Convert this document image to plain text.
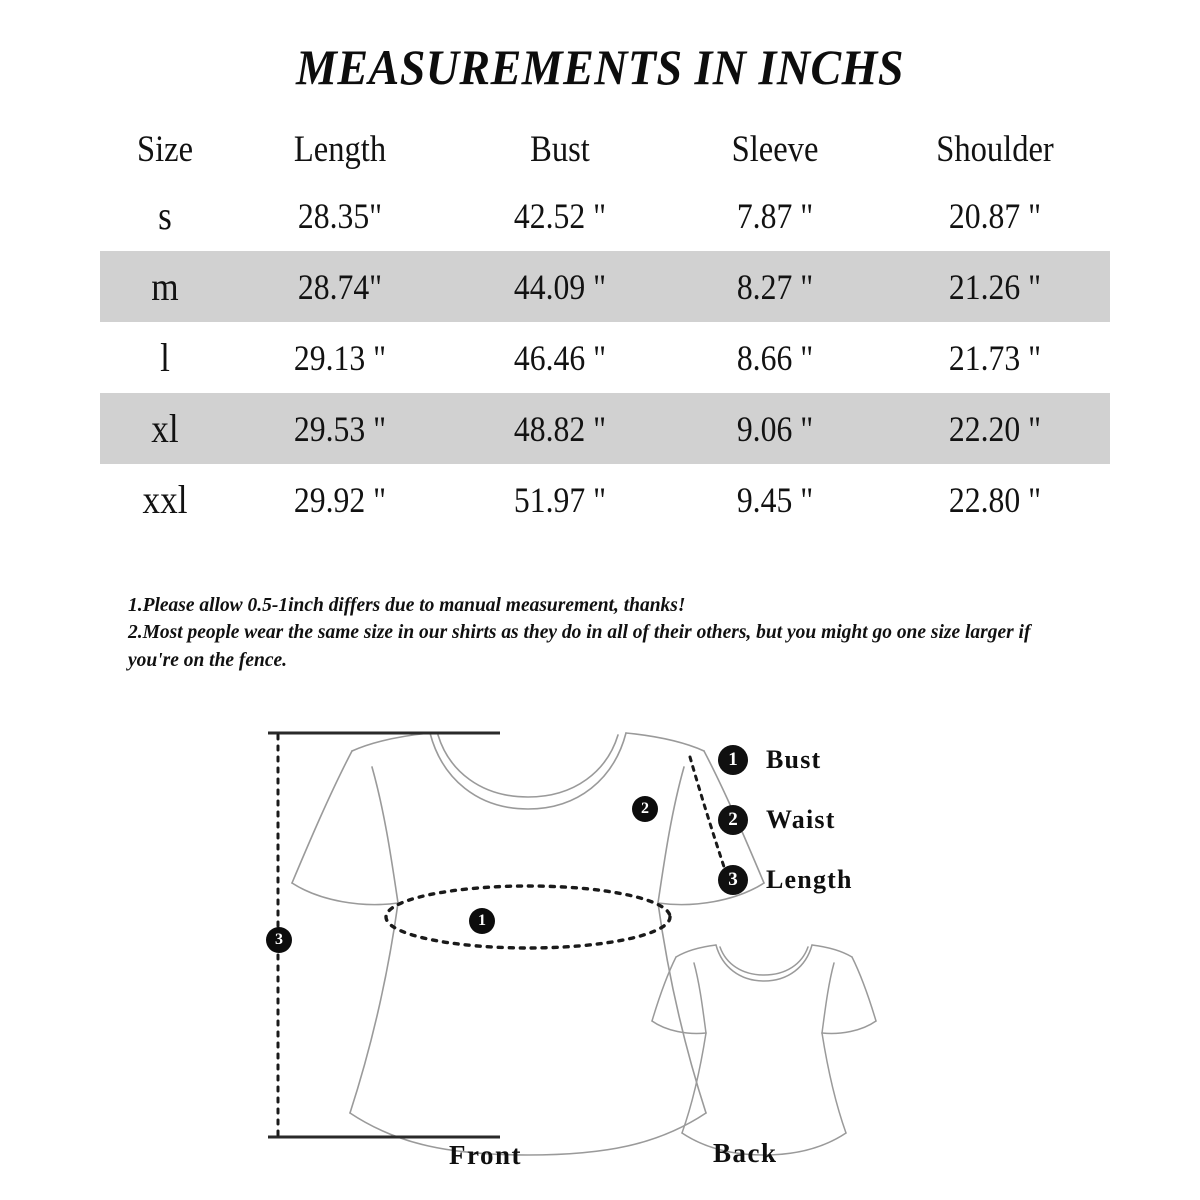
MEASUREMENTS IN INCHS
Size	Length	Bust	Sleeve	Shoulder
s	28.35"	42.52 "	7.87 "	20.87 "
m	28.74"	44.09 "	8.27 "	21.26 "
l	29.13 "	46.46 "	8.66 "	21.73 "
xl	29.53 "	48.82 "	9.06 "	22.20 "
xxl	29.92 "	51.97 "	9.45 "	22.80 "
1.Please allow 0.5-1inch differs due to manual measurement, thanks!
2.Most people wear the same size in our shirts as they do in all of their others, but you might go one size larger if you're on the fence.
1
2
3
1	Bust
2	Waist
3	Length
Front	Back
